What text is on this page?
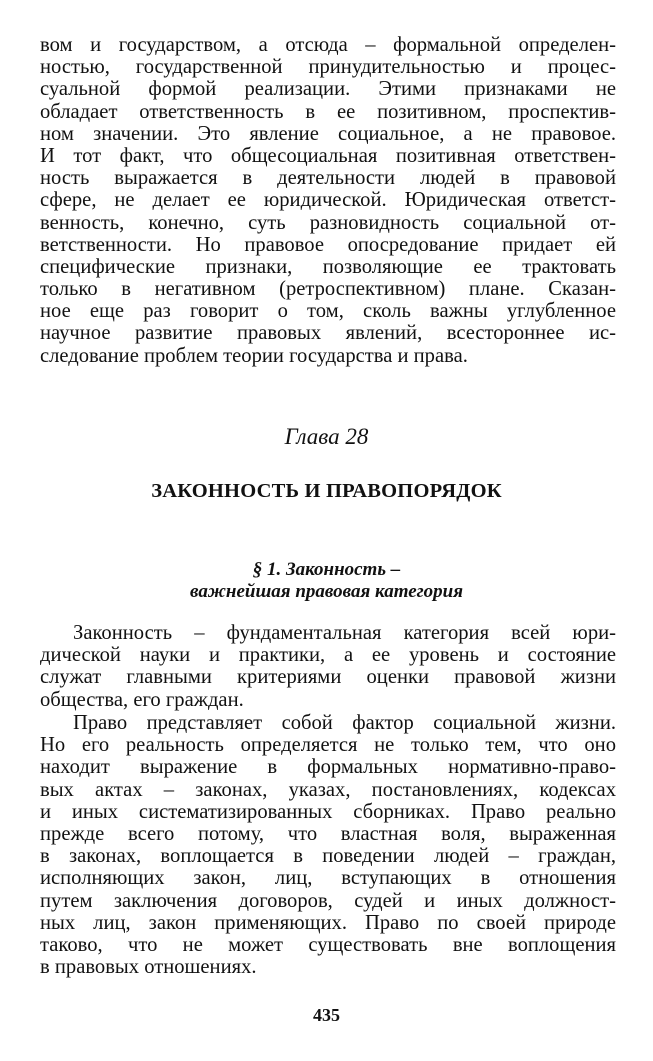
вом и государством, а отсюда – формальной определен-
ностью, государственной принудительностью и процес-
суальной формой реализации. Этими признаками не
обладает ответственность в ее позитивном, проспектив-
ном значении. Это явление социальное, а не правовое.
И тот факт, что общесоциальная позитивная ответствен-
ность выражается в деятельности людей в правовой
сфере, не делает ее юридической. Юридическая ответст-
венность, конечно, суть разновидность социальной от-
ветственности. Но правовое опосредование придает ей
специфические признаки, позволяющие ее трактовать
только в негативном (ретроспективном) плане. Сказан-
ное еще раз говорит о том, сколь важны углубленное
научное развитие правовых явлений, всестороннее ис-
следование проблем теории государства и права.
Глава 28
ЗАКОННОСТЬ И ПРАВОПОРЯДОК
§ 1. Законность –
важнейшая правовая категория
Законность – фундаментальная категория всей юри-
дической науки и практики, а ее уровень и состояние
служат главными критериями оценки правовой жизни
общества, его граждан.
Право представляет собой фактор социальной жизни.
Но его реальность определяется не только тем, что оно
находит выражение в формальных нормативно-право-
вых актах – законах, указах, постановлениях, кодексах
и иных систематизированных сборниках. Право реально
прежде всего потому, что властная воля, выраженная
в законах, воплощается в поведении людей – граждан,
исполняющих закон, лиц, вступающих в отношения
путем заключения договоров, судей и иных должност-
ных лиц, закон применяющих. Право по своей природе
таково, что не может существовать вне воплощения
в правовых отношениях.
435
